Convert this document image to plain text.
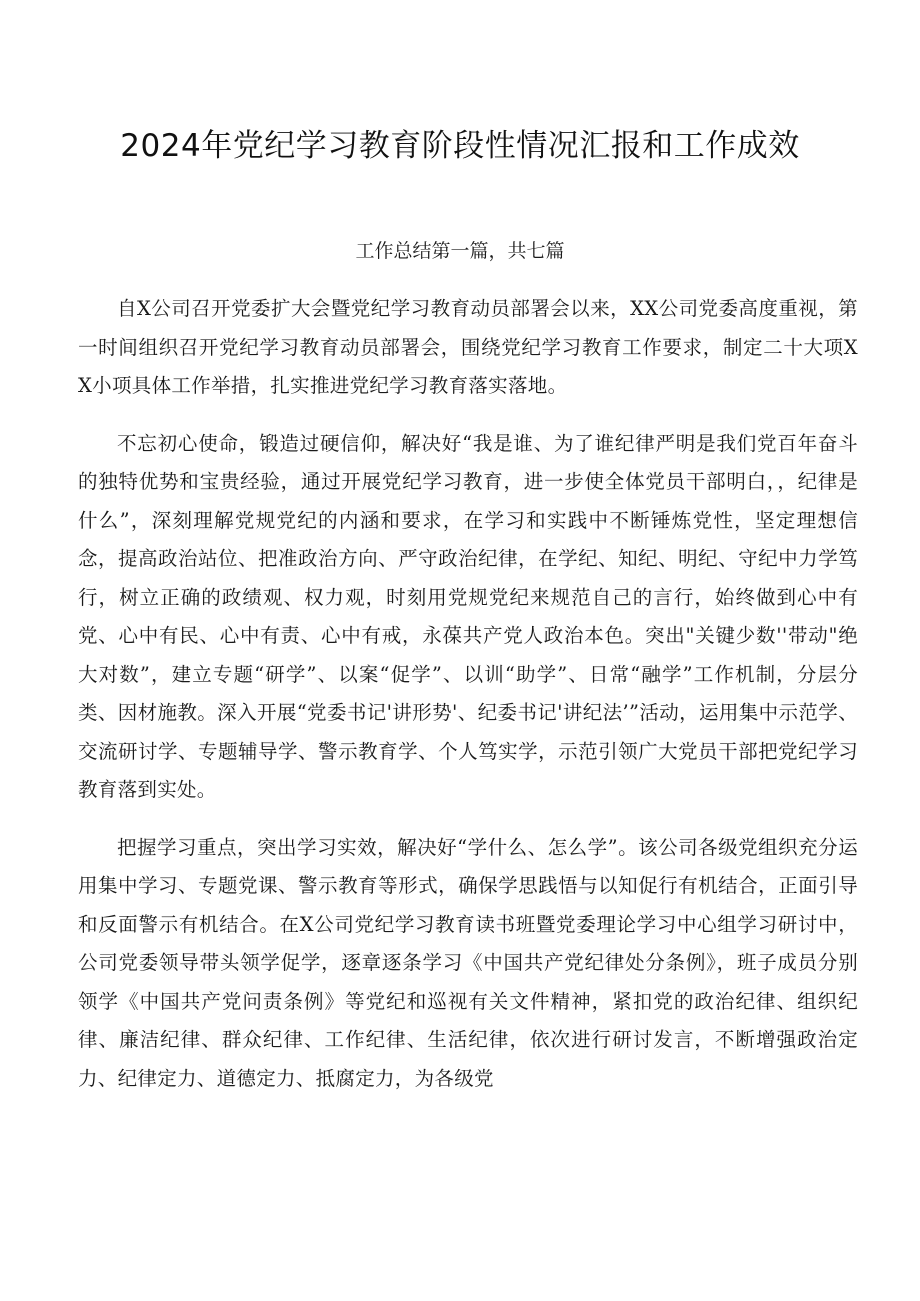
2024年党纪学习教育阶段性情况汇报和工作成效

工作总结第一篇，共七篇

自X公司召开党委扩大会暨党纪学习教育动员部署会以来，XX公司党委高度重视，第一时间组织召开党纪学习教育动员部署会，围绕党纪学习教育工作要求，制定二十大项XX小项具体工作举措，扎实推进党纪学习教育落实落地。

不忘初心使命，锻造过硬信仰，解决好“我是谁、为了谁纪律严明是我们党百年奋斗的独特优势和宝贵经验，通过开展党纪学习教育，进一步使全体党员干部明白，，纪律是什么”，深刻理解党规党纪的内涵和要求，在学习和实践中不断锤炼党性，坚定理想信念，提高政治站位、把准政治方向、严守政治纪律，在学纪、知纪、明纪、守纪中力学笃行，树立正确的政绩观、权力观，时刻用党规党纪来规范自己的言行，始终做到心中有党、心中有民、心中有责、心中有戒，永葆共产党人政治本色。突出"关键少数''带动"绝大对数”，建立专题“研学”、以案“促学”、以训“助学”、日常“融学”工作机制，分层分类、因材施教。深入开展“党委书记'讲形势'、纪委书记'讲纪法’”活动，运用集中示范学、交流研讨学、专题辅导学、警示教育学、个人笃实学，示范引领广大党员干部把党纪学习教育落到实处。

把握学习重点，突出学习实效，解决好“学什么、怎么学”。该公司各级党组织充分运用集中学习、专题党课、警示教育等形式，确保学思践悟与以知促行有机结合，正面引导和反面警示有机结合。在X公司党纪学习教育读书班暨党委理论学习中心组学习研讨中，公司党委领导带头领学促学，逐章逐条学习《中国共产党纪律处分条例》，班子成员分别领学《中国共产党问责条例》等党纪和巡视有关文件精神，紧扣党的政治纪律、组织纪律、廉洁纪律、群众纪律、工作纪律、生活纪律，依次进行研讨发言，不断增强政治定力、纪律定力、道德定力、抵腐定力，为各级党
